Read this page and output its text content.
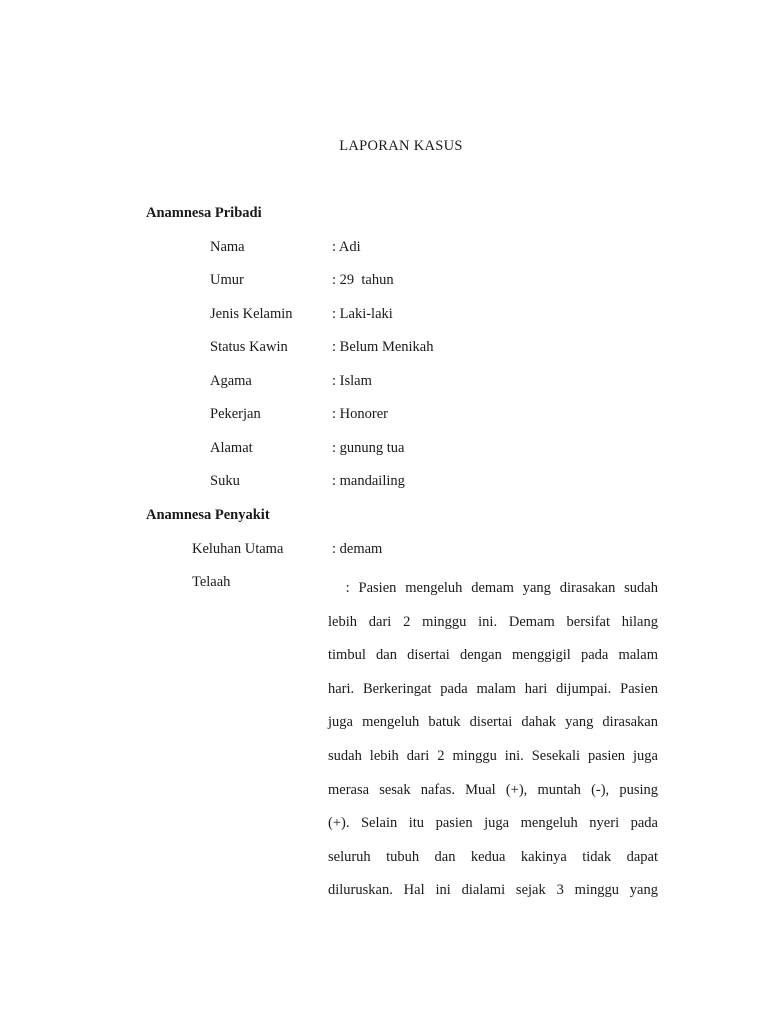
LAPORAN KASUS
Anamnesa Pribadi
Nama	: Adi
Umur	: 29  tahun
Jenis Kelamin	: Laki-laki
Status Kawin	: Belum Menikah
Agama	: Islam
Pekerjan	: Honorer
Alamat	: gunung tua
Suku	: mandailing
Anamnesa Penyakit
Keluhan Utama	: demam
Telaah	: Pasien mengeluh demam yang dirasakan sudah
lebih dari 2 minggu ini. Demam bersifat hilang
timbul dan disertai dengan menggigil pada malam
hari. Berkeringat pada malam hari dijumpai. Pasien
juga mengeluh batuk disertai dahak yang dirasakan
sudah lebih dari 2 minggu ini. Sesekali pasien juga
merasa sesak nafas. Mual (+), muntah (-), pusing
(+). Selain itu pasien juga mengeluh nyeri pada
seluruh tubuh dan kedua kakinya tidak dapat
diluruskan. Hal ini dialami sejak 3 minggu yang
